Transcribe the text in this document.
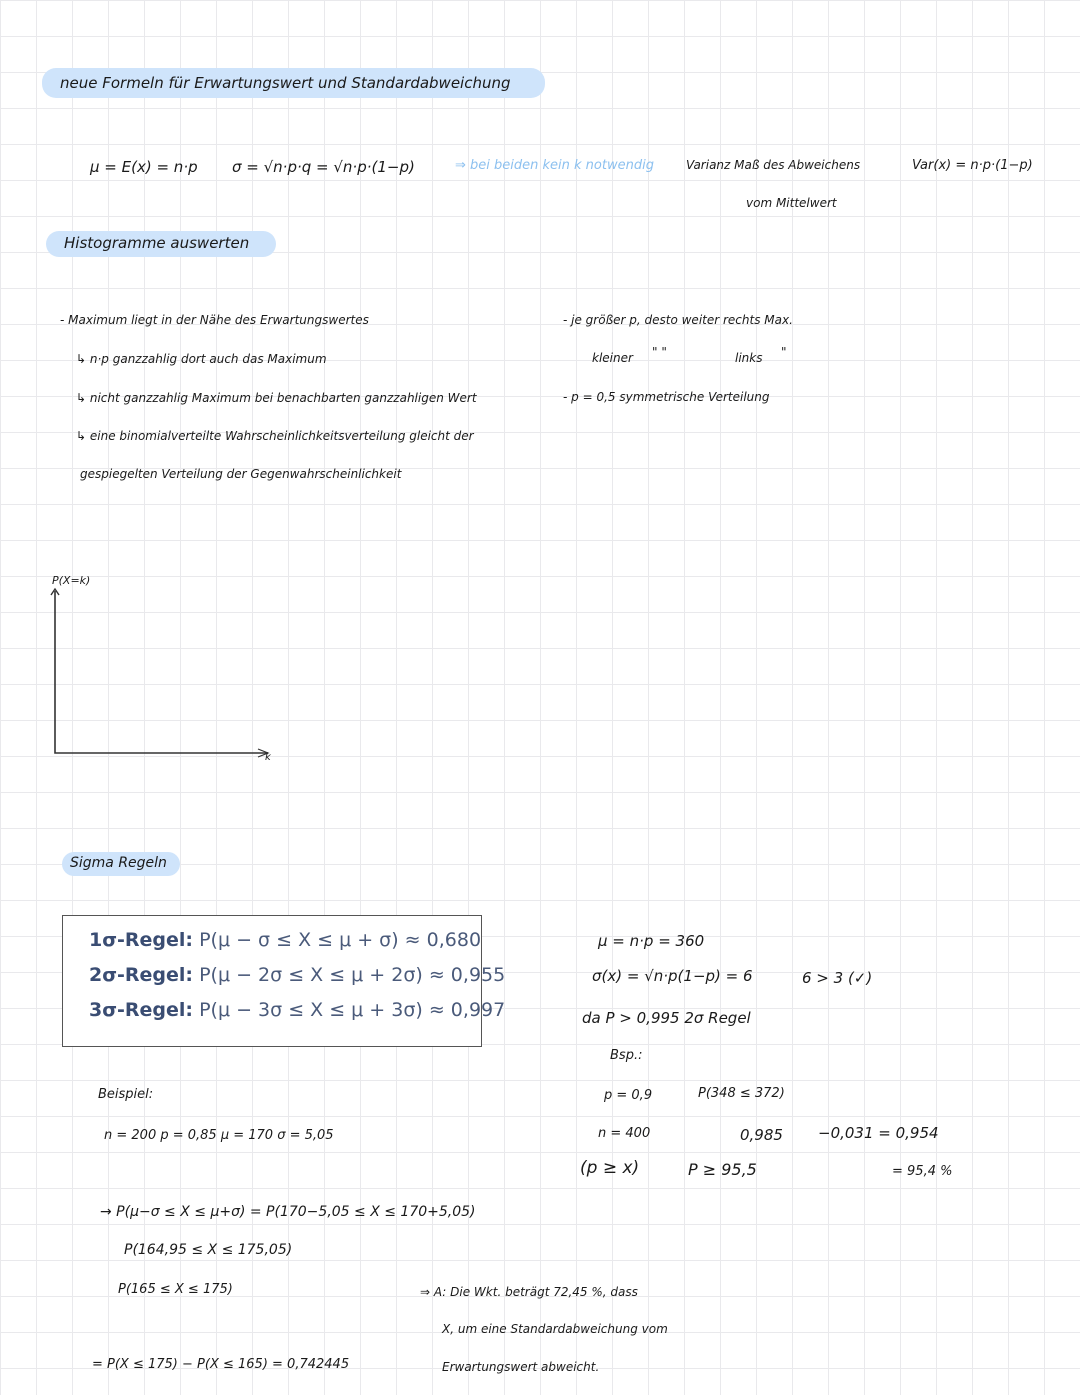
neue Formeln für Erwartungswert und Standardabweichung
μ = E(x) = n·p σ = √n·p·q = √n·p·(1−p)	⇒ bei beiden kein k notwendig	Varianz Maß des Abweichens
vom Mittelwert
Var(x) = n·p·(1−p)
Histogramme auswerten
- Maximum liegt in der Nähe des Erwartungswertes
↳ n·p ganzzahlig dort auch das Maximum
↳ nicht ganzzahlig Maximum bei benachbarten ganzzahligen Wert
↳ eine binomialverteilte Wahrscheinlichkeitsverteilung gleicht der
gespiegelten Verteilung der Gegenwahrscheinlichkeit
- je größer p, desto weiter rechts Max.
kleiner " "	links "
- p = 0,5 symmetrische Verteilung
P(X=k)
k
Sigma Regeln
1σ-Regel: P(μ − σ ≤ X ≤ μ + σ) ≈ 0,680
2σ-Regel: P(μ − 2σ ≤ X ≤ μ + 2σ) ≈ 0,955
3σ-Regel: P(μ − 3σ ≤ X ≤ μ + 3σ) ≈ 0,997
μ = n·p = 360
σ(x) = √n·p(1−p) = 6	6 > 3 (✓)
da P > 0,995 2σ Regel
Bsp.:
p = 0,9	P(348 ≤ 372)
n = 400	0,985 −0,031 = 0,954
(p ≥ x)	P ≥ 95,5	= 95,4 %
Beispiel:
n = 200 p = 0,85 μ = 170 σ = 5,05
→ P(μ−σ ≤ X ≤ μ+σ) = P(170−5,05 ≤ X ≤ 170+5,05)
P(164,95 ≤ X ≤ 175,05)
P(165 ≤ X ≤ 175)
= P(X ≤ 175) − P(X ≤ 165) = 0,742445
⇒ A: Die Wkt. beträgt 72,45 %, dass
X, um eine Standardabweichung vom
Erwartungswert abweicht.
